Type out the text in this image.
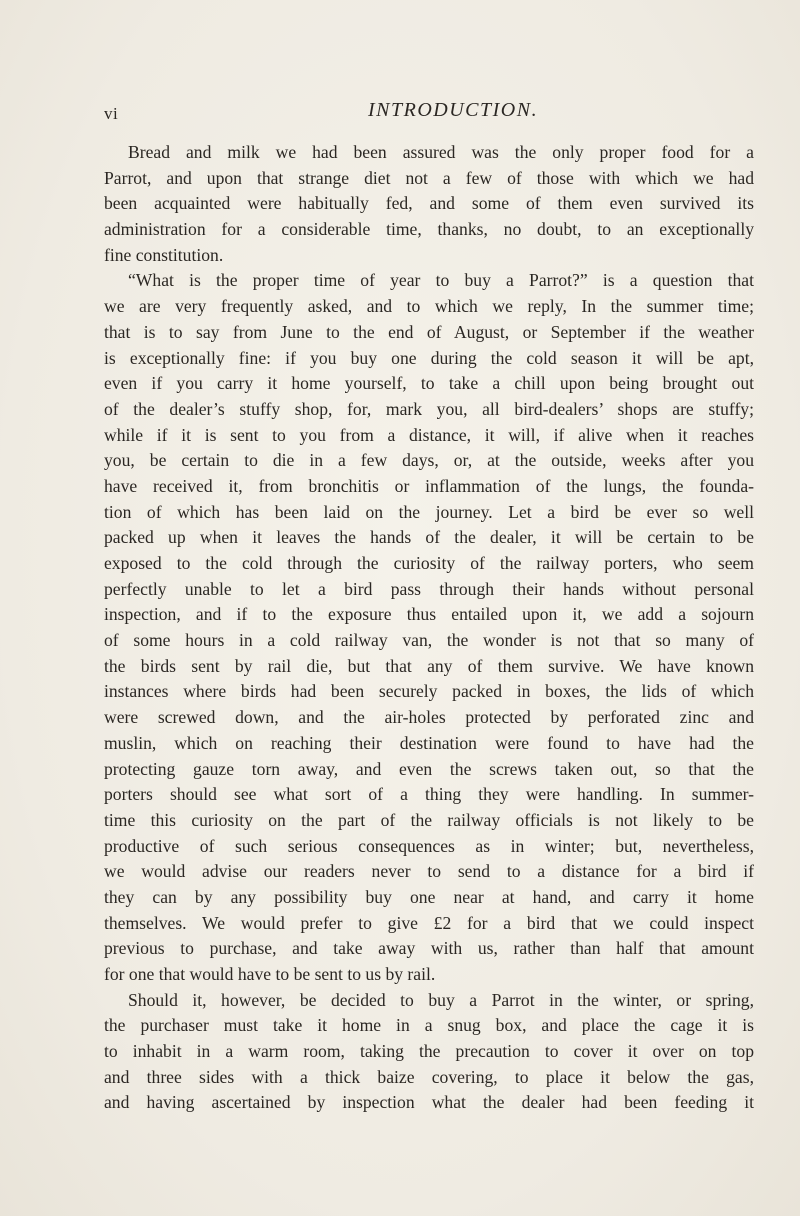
vi	INTRODUCTION.
Bread and milk we had been assured was the only proper food for a
Parrot, and upon that strange diet not a few of those with which we had
been acquainted were habitually fed, and some of them even survived its
administration for a considerable time, thanks, no doubt, to an exceptionally
fine constitution.
“What is the proper time of year to buy a Parrot?” is a question that
we are very frequently asked, and to which we reply, In the summer time;
that is to say from June to the end of August, or September if the weather
is exceptionally fine: if you buy one during the cold season it will be apt,
even if you carry it home yourself, to take a chill upon being brought out
of the dealer’s stuffy shop, for, mark you, all bird-dealers’ shops are stuffy;
while if it is sent to you from a distance, it will, if alive when it reaches
you, be certain to die in a few days, or, at the outside, weeks after you
have received it, from bronchitis or inflammation of the lungs, the founda-
tion of which has been laid on the journey. Let a bird be ever so well
packed up when it leaves the hands of the dealer, it will be certain to be
exposed to the cold through the curiosity of the railway porters, who seem
perfectly unable to let a bird pass through their hands without personal
inspection, and if to the exposure thus entailed upon it, we add a sojourn
of some hours in a cold railway van, the wonder is not that so many of
the birds sent by rail die, but that any of them survive. We have known
instances where birds had been securely packed in boxes, the lids of which
were screwed down, and the air-holes protected by perforated zinc and
muslin, which on reaching their destination were found to have had the
protecting gauze torn away, and even the screws taken out, so that the
porters should see what sort of a thing they were handling. In summer-
time this curiosity on the part of the railway officials is not likely to be
productive of such serious consequences as in winter; but, nevertheless,
we would advise our readers never to send to a distance for a bird if
they can by any possibility buy one near at hand, and carry it home
themselves. We would prefer to give £2 for a bird that we could inspect
previous to purchase, and take away with us, rather than half that amount
for one that would have to be sent to us by rail.
Should it, however, be decided to buy a Parrot in the winter, or spring,
the purchaser must take it home in a snug box, and place the cage it is
to inhabit in a warm room, taking the precaution to cover it over on top
and three sides with a thick baize covering, to place it below the gas,
and having ascertained by inspection what the dealer had been feeding it
